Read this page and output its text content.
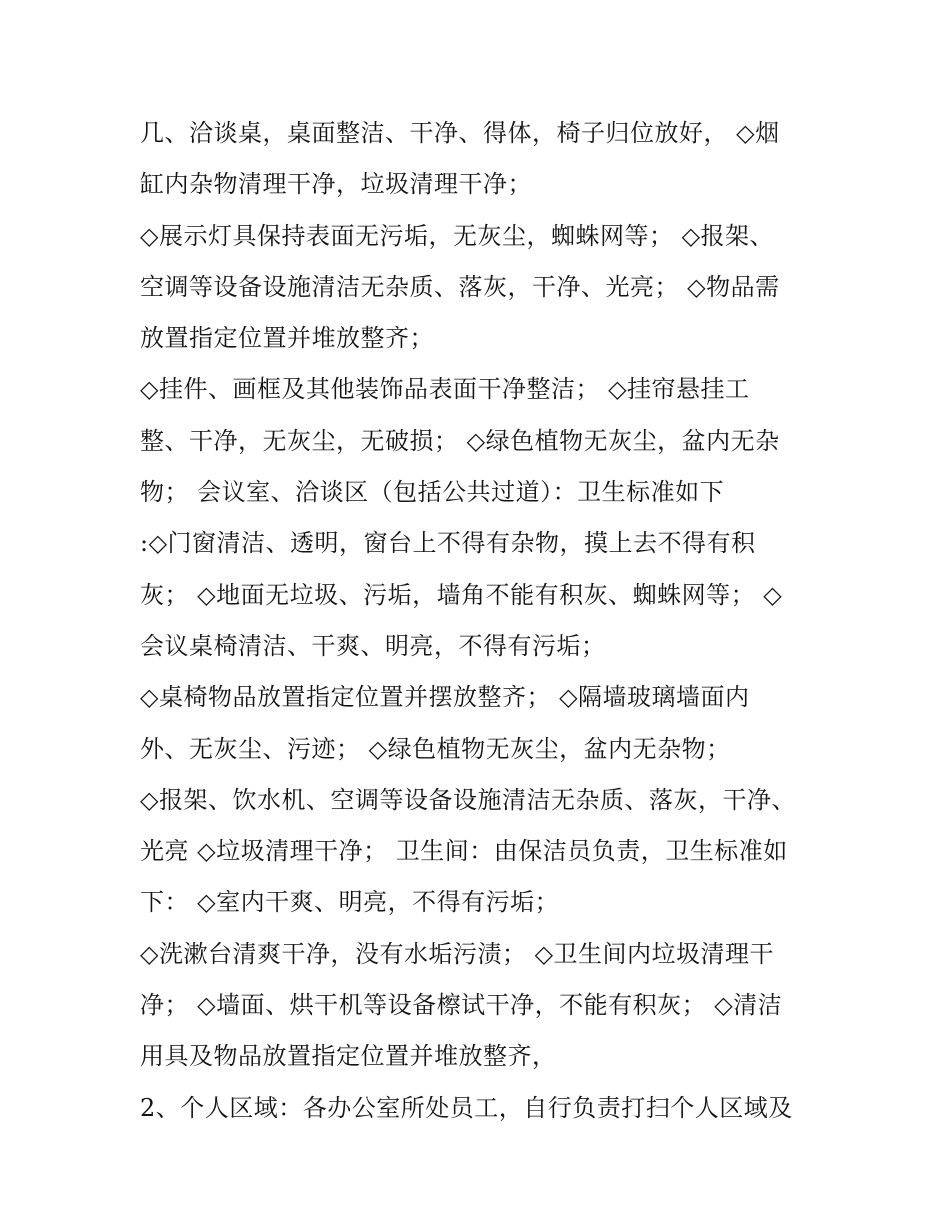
几、洽谈桌，桌面整洁、干净、得体，椅子归位放好， ◇烟
缸内杂物清理干净，垃圾清理干净；
◇展示灯具保持表面无污垢，无灰尘，蜘蛛网等； ◇报架、
空调等设备设施清洁无杂质、落灰，干净、光亮； ◇物品需
放置指定位置并堆放整齐；
◇挂件、画框及其他装饰品表面干净整洁； ◇挂帘悬挂工
整、干净，无灰尘，无破损； ◇绿色植物无灰尘，盆内无杂
物； 会议室、洽谈区（包括公共过道）：卫生标准如下
:◇门窗清洁、透明，窗台上不得有杂物，摸上去不得有积
灰； ◇地面无垃圾、污垢，墙角不能有积灰、蜘蛛网等； ◇
会议桌椅清洁、干爽、明亮，不得有污垢；
◇桌椅物品放置指定位置并摆放整齐； ◇隔墙玻璃墙面内
外、无灰尘、污迹； ◇绿色植物无灰尘，盆内无杂物；
◇报架、饮水机、空调等设备设施清洁无杂质、落灰，干净、
光亮 ◇垃圾清理干净； 卫生间：由保洁员负责，卫生标准如
下： ◇室内干爽、明亮，不得有污垢；
◇洗漱台清爽干净，没有水垢污渍； ◇卫生间内垃圾清理干
净； ◇墙面、烘干机等设备檫试干净，不能有积灰； ◇清洁
用具及物品放置指定位置并堆放整齐，
2、个人区域：各办公室所处员工，自行负责打扫个人区域及
